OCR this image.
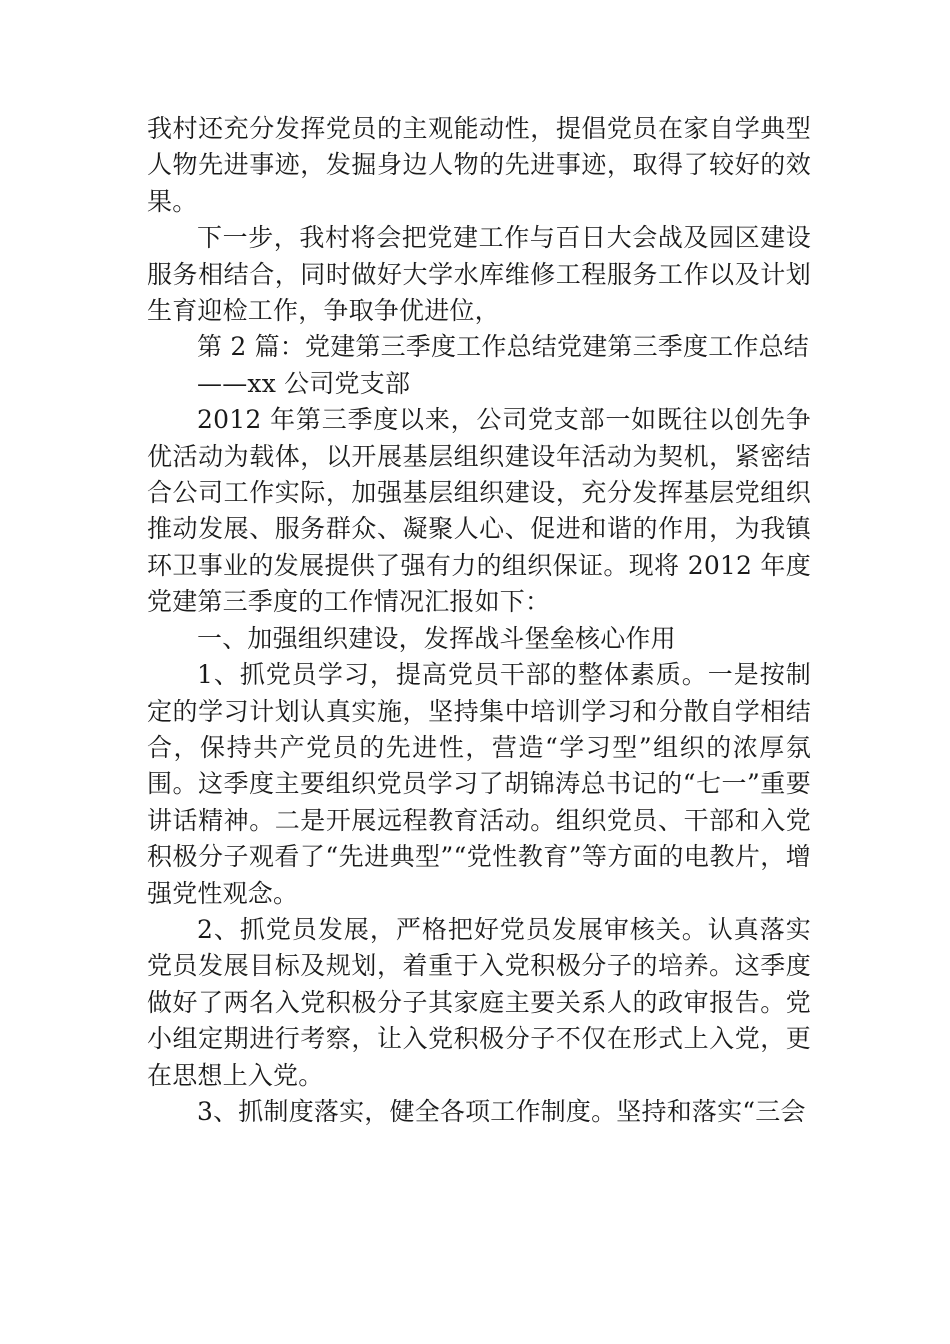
我村还充分发挥党员的主观能动性，提倡党员在家自学典型人物先进事迹，发掘身边人物的先进事迹，取得了较好的效果。

下一步，我村将会把党建工作与百日大会战及园区建设服务相结合，同时做好大学水库维修工程服务工作以及计划生育迎检工作，争取争优进位，

第 2 篇：党建第三季度工作总结党建第三季度工作总结

——xx 公司党支部

2012 年第三季度以来，公司党支部一如既往以创先争优活动为载体，以开展基层组织建设年活动为契机，紧密结合公司工作实际，加强基层组织建设，充分发挥基层党组织推动发展、服务群众、凝聚人心、促进和谐的作用，为我镇环卫事业的发展提供了强有力的组织保证。现将 2012 年度党建第三季度的工作情况汇报如下：

一、加强组织建设，发挥战斗堡垒核心作用

1、抓党员学习，提高党员干部的整体素质。一是按制定的学习计划认真实施，坚持集中培训学习和分散自学相结合，保持共产党员的先进性，营造“学习型”组织的浓厚氛围。这季度主要组织党员学习了胡锦涛总书记的“七一”重要讲话精神。二是开展远程教育活动。组织党员、干部和入党积极分子观看了“先进典型”“党性教育”等方面的电教片，增强党性观念。

2、抓党员发展，严格把好党员发展审核关。认真落实党员发展目标及规划，着重于入党积极分子的培养。这季度做好了两名入党积极分子其家庭主要关系人的政审报告。党小组定期进行考察，让入党积极分子不仅在形式上入党，更在思想上入党。

3、抓制度落实，健全各项工作制度。坚持和落实“三会
